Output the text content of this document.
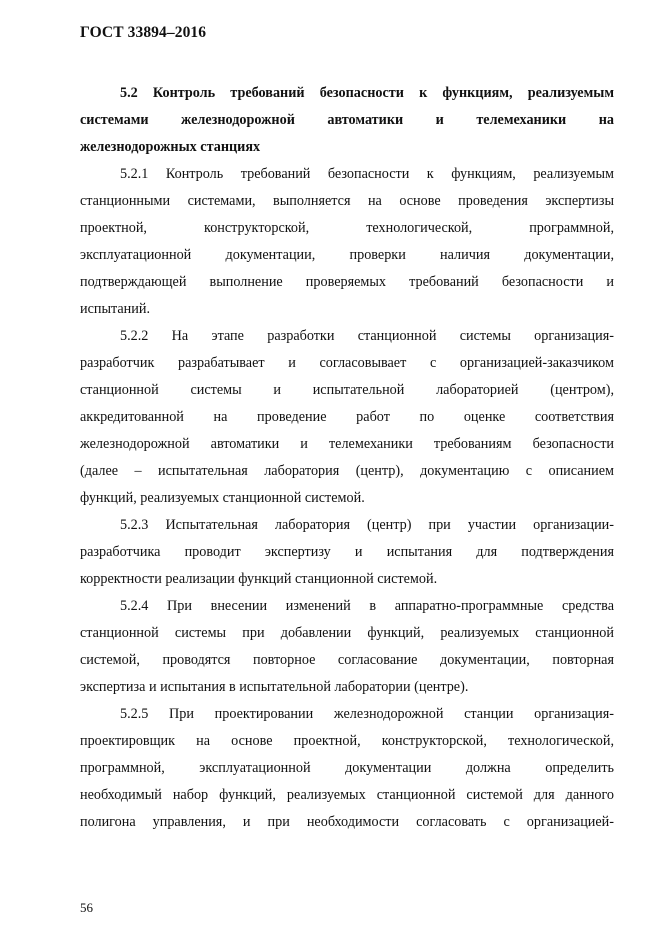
ГОСТ 33894–2016

5.2 Контроль требований безопасности к функциям, реализуемым
системами железнодорожной автоматики и телемеханики на
железнодорожных станциях

5.2.1 Контроль требований безопасности к функциям, реализуемым
станционными системами, выполняется на основе проведения экспертизы
проектной, конструкторской, технологической, программной,
эксплуатационной документации, проверки наличия документации,
подтверждающей выполнение проверяемых требований безопасности и
испытаний.

5.2.2 На этапе разработки станционной системы организация-
разработчик разрабатывает и согласовывает с организацией-заказчиком
станционной системы и испытательной лабораторией (центром),
аккредитованной на проведение работ по оценке соответствия
железнодорожной автоматики и телемеханики требованиям безопасности
(далее – испытательная лаборатория (центр), документацию с описанием
функций, реализуемых станционной системой.

5.2.3 Испытательная лаборатория (центр) при участии организации-
разработчика проводит экспертизу и испытания для подтверждения
корректности реализации функций станционной системой.

5.2.4 При внесении изменений в аппаратно-программные средства
станционной системы при добавлении функций, реализуемых станционной
системой, проводятся повторное согласование документации, повторная
экспертиза и испытания в испытательной лаборатории (центре).

5.2.5 При проектировании железнодорожной станции организация-
проектировщик на основе проектной, конструкторской, технологической,
программной, эксплуатационной документации должна определить
необходимый набор функций, реализуемых станционной системой для данного
полигона управления, и при необходимости согласовать с организацией-

56
